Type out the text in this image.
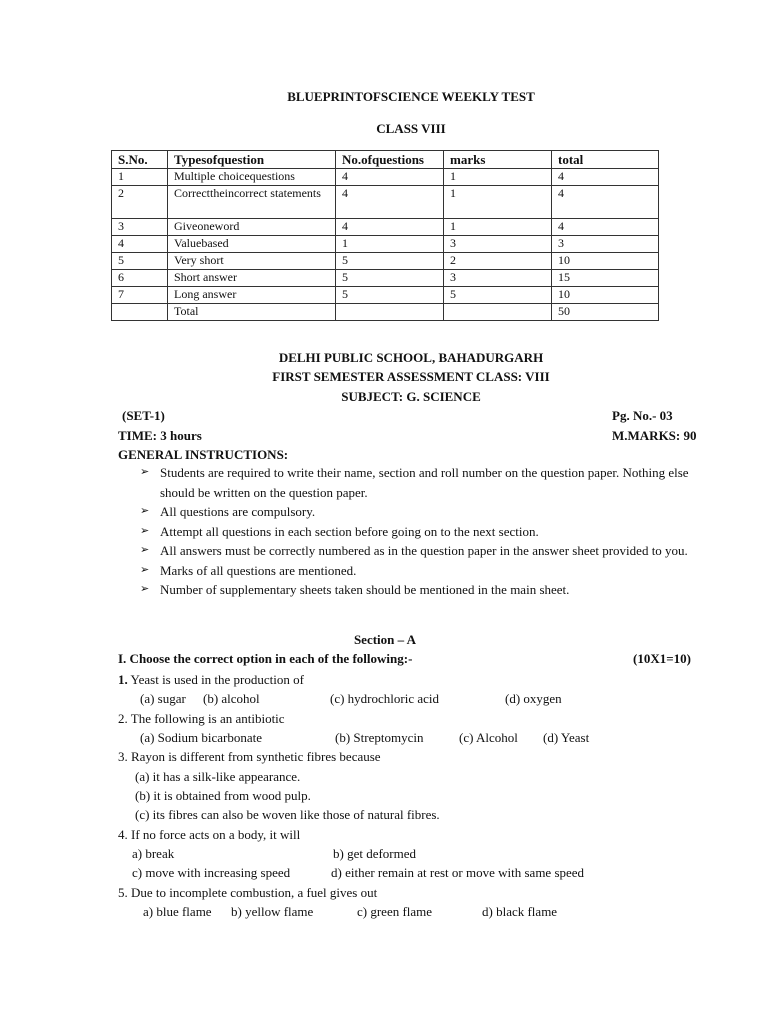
BLUEPRINTOFSCIENCE WEEKLY TEST
CLASS VIII
S.No.	Typesofquestion	No.ofquestions	marks	total
1	Multiple choicequestions	4	1	4
2	Correcttheincorrect statements	4	1	4
3	Giveoneword	4	1	4
4	Valuebased	1	3	3
5	Very short	5	2	10
6	Short answer	5	3	15
7	Long answer	5	5	10
	Total			50
DELHI PUBLIC SCHOOL, BAHADURGARH
FIRST SEMESTER ASSESSMENT CLASS: VIII
SUBJECT: G. SCIENCE
(SET-1)	Pg. No.- 03
TIME: 3 hours	M.MARKS: 90
GENERAL INSTRUCTIONS:
➢ Students are required to write their name, section and roll number on the question paper. Nothing else should be written on the question paper.
➢ All questions are compulsory.
➢ Attempt all questions in each section before going on to the next section.
➢ All answers must be correctly numbered as in the question paper in the answer sheet provided to you.
➢ Marks of all questions are mentioned.
➢ Number of supplementary sheets taken should be mentioned in the main sheet.
Section – A
I. Choose the correct option in each of the following:-	(10X1=10)
1. Yeast is used in the production of
(a) sugar (b) alcohol	(c) hydrochloric acid	(d) oxygen
2. The following is an antibiotic
(a) Sodium bicarbonate	(b) Streptomycin	(c) Alcohol (d) Yeast
3. Rayon is different from synthetic fibres because
(a) it has a silk-like appearance.
(b) it is obtained from wood pulp.
(c) its fibres can also be woven like those of natural fibres.
4. If no force acts on a body, it will
a) break	b) get deformed
c) move with increasing speed	d) either remain at rest or move with same speed
5. Due to incomplete combustion, a fuel gives out
a) blue flame b) yellow flame	c) green flame	d) black flame
